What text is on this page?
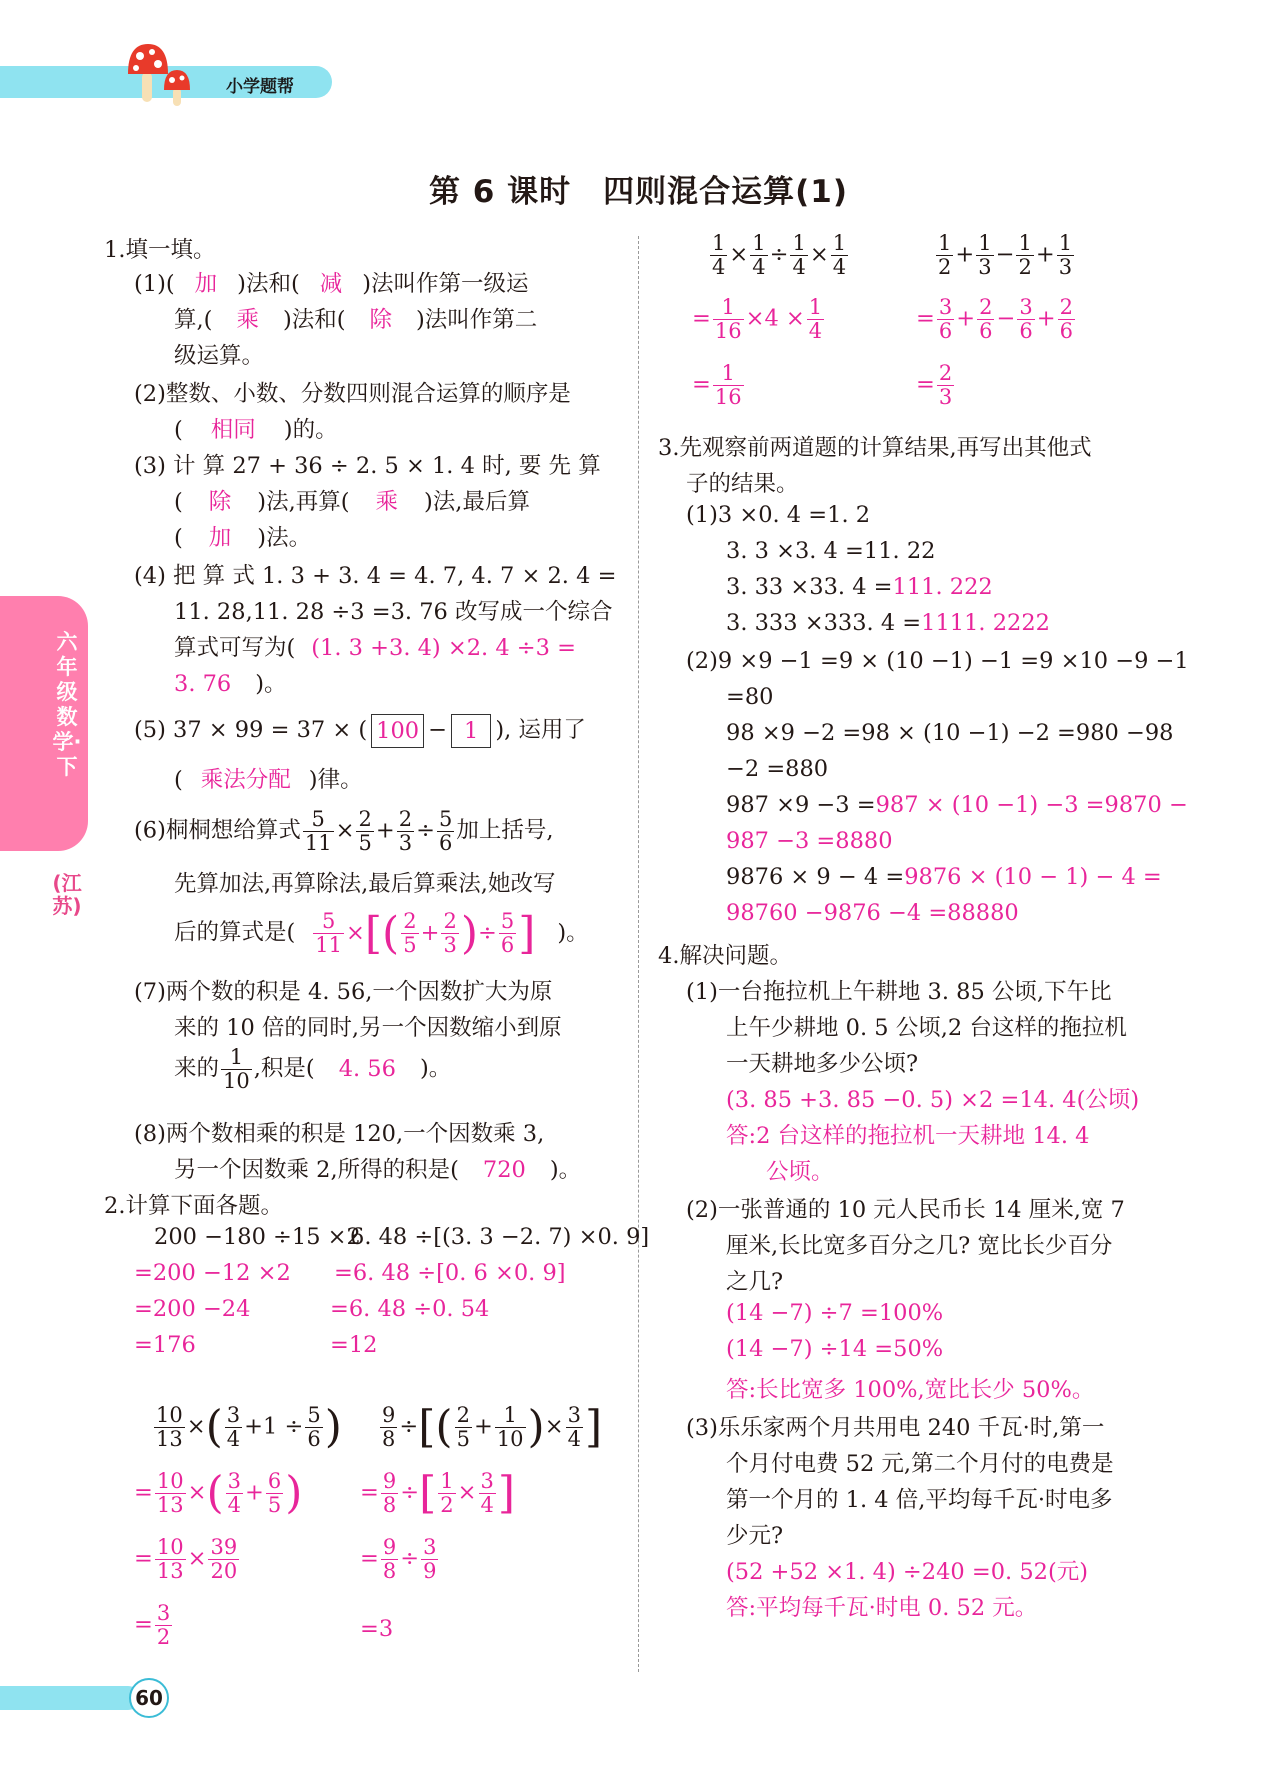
小学题帮
第 6 课时　四则混合运算(1)
六年级数学·下
(江苏)
1.填一填。
(1)( 加 )法和( 减 )法叫作第一级运
算,( 乘 )法和( 除 )法叫作第二
级运算。
(2)整数、小数、分数四则混合运算的顺序是
( 相同 )的。
(3) 计 算 27 + 36 ÷ 2. 5 × 1. 4 时, 要 先 算
( 除 )法,再算( 乘 )法,最后算
( 加 )法。
(4) 把 算 式 1. 3 + 3. 4 = 4. 7, 4. 7 × 2. 4 =
11. 28,11. 28 ÷3 =3. 76 改写成一个综合
算式可写为( (1. 3 +3. 4) ×2. 4 ÷3 =
3. 76 )。
(5) 37 × 99 = 37 × ( 100 − 1 ), 运用了
( 乘法分配 )律。
(6)桐桐想给算式 $\frac{5}{11} \times \frac{2}{5} + \frac{2}{3} \div \frac{5}{6}$ 加上括号,
先算加法,再算除法,最后算乘法,她改写
后的算式是( $\frac{5}{11}$ ×[( $\frac{2}{5} + \frac{2}{3}$ )÷ $\frac{5}{6}$ ] )。
(7)两个数的积是 4. 56,一个因数扩大为原
来的 10 倍的同时,另一个因数缩小到原
来的 $\frac{1}{10}$ ,积是( 4. 56 )。
(8)两个数相乘的积是 120,一个因数乘 3,
另一个因数乘 2,所得的积是( 720 )。
2.计算下面各题。
200 −180 ÷15 ×2
6. 48 ÷[(3. 3 −2. 7) ×0. 9]
=200 −12 ×2 =6. 48 ÷[0. 6 ×0. 9]
=200 −24	=6. 48 ÷0. 54
=176	=12
$\frac{10}{13}$ ×( $\frac{3}{4} +1 \div \frac{5}{6}$ )
= $\frac{10}{13}$ ×( $\frac{3}{4} + \frac{6}{5}$ )
= $\frac{10}{13} \times \frac{39}{20}$
= $\frac{3}{2}$
$\frac{9}{8}$ ÷[( $\frac{2}{5} + \frac{1}{10}$ )× $\frac{3}{4}$ ]
= $\frac{9}{8}$ ÷[ $\frac{1}{2} \times \frac{3}{4}$ ]
= $\frac{9}{8} \div \frac{3}{9}$
=3
$\frac{1}{4} \times \frac{1}{4} \div \frac{1}{4} \times \frac{1}{4}$
= $\frac{1}{16} \times 4 \times \frac{1}{4}$
= $\frac{1}{16}$
$\frac{1}{2} + \frac{1}{3} - \frac{1}{2} + \frac{1}{3}$
= $\frac{3}{6} + \frac{2}{6} - \frac{3}{6} + \frac{2}{6}$
= $\frac{2}{3}$
3.先观察前两道题的计算结果,再写出其他式
子的结果。
(1)3 ×0. 4 =1. 2
3. 3 ×3. 4 =11. 22
3. 33 ×33. 4 =111. 222
3. 333 ×333. 4 =1111. 2222
(2)9 ×9 −1 =9 × (10 −1) −1 =9 ×10 −9 −1
=80
98 ×9 −2 =98 × (10 −1) −2 =980 −98
−2 =880
987 ×9 −3 =987 × (10 −1) −3 =9870 −
987 −3 =8880
9876 × 9 − 4 =9876 × (10 − 1) − 4 =
98760 −9876 −4 =88880
4.解决问题。
(1)一台拖拉机上午耕地 3. 85 公顷,下午比
上午少耕地 0. 5 公顷,2 台这样的拖拉机
一天耕地多少公顷?
(3. 85 +3. 85 −0. 5) ×2 =14. 4(公顷)
答:2 台这样的拖拉机一天耕地 14. 4
公顷。
(2)一张普通的 10 元人民币长 14 厘米,宽 7
厘米,长比宽多百分之几? 宽比长少百分
之几?
(14 −7) ÷7 =100%
(14 −7) ÷14 =50%
答:长比宽多 100%,宽比长少 50%。
(3)乐乐家两个月共用电 240 千瓦·时,第一
个月付电费 52 元,第二个月付的电费是
第一个月的 1. 4 倍,平均每千瓦·时电多
少元?
(52 +52 ×1. 4) ÷240 =0. 52(元)
答:平均每千瓦·时电 0. 52 元。
60
